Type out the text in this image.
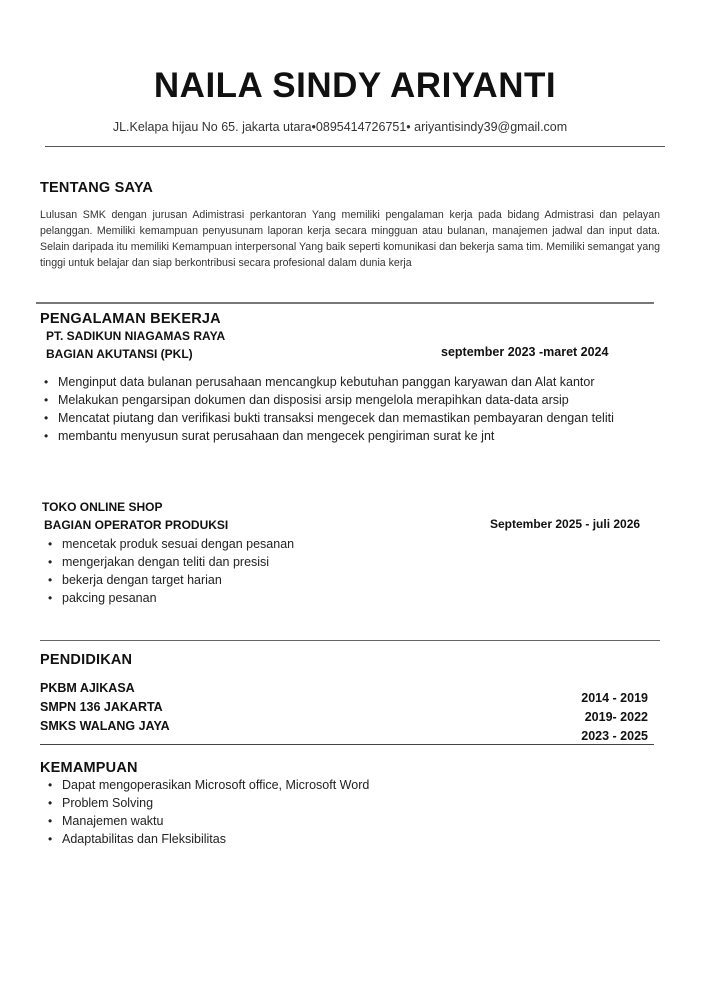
NAILA SINDY ARIYANTI
JL.Kelapa hijau No 65. jakarta utara•0895414726751• ariyantisindy39@gmail.com
TENTANG SAYA
Lulusan SMK dengan jurusan Adimistrasi perkantoran Yang memiliki pengalaman kerja pada bidang Admistrasi dan pelayan pelanggan. Memiliki kemampuan penyusunam laporan kerja secara mingguan atau bulanan, manajemen jadwal dan input data. Selain daripada itu memiliki Kemampuan interpersonal Yang baik seperti komunikasi dan bekerja sama tim. Memiliki semangat yang tinggi untuk belajar dan siap berkontribusi secara profesional dalam dunia kerja
PENGALAMAN BEKERJA
PT. SADIKUN NIAGAMAS RAYA
BAGIAN AKUTANSI (PKL)	september 2023 -maret 2024
• Menginput data bulanan perusahaan mencangkup kebutuhan panggan karyawan dan Alat kantor
• Melakukan pengarsipan dokumen dan disposisi arsip mengelola merapihkan data-data arsip
• Mencatat piutang dan verifikasi bukti transaksi mengecek dan memastikan pembayaran dengan teliti
• membantu menyusun surat perusahaan dan mengecek pengiriman surat ke jnt
TOKO ONLINE SHOP
BAGIAN OPERATOR PRODUKSI	September 2025 - juli 2026
• mencetak produk sesuai dengan pesanan
• mengerjakan dengan teliti dan presisi
• bekerja dengan target harian
• pakcing pesanan
PENDIDIKAN
PKBM AJIKASA
SMPN 136 JAKARTA
SMKS WALANG JAYA
2014 - 2019
2019- 2022
2023 - 2025
KEMAMPUAN
• Dapat mengoperasikan Microsoft office, Microsoft Word
• Problem Solving
• Manajemen waktu
• Adaptabilitas dan Fleksibilitas
